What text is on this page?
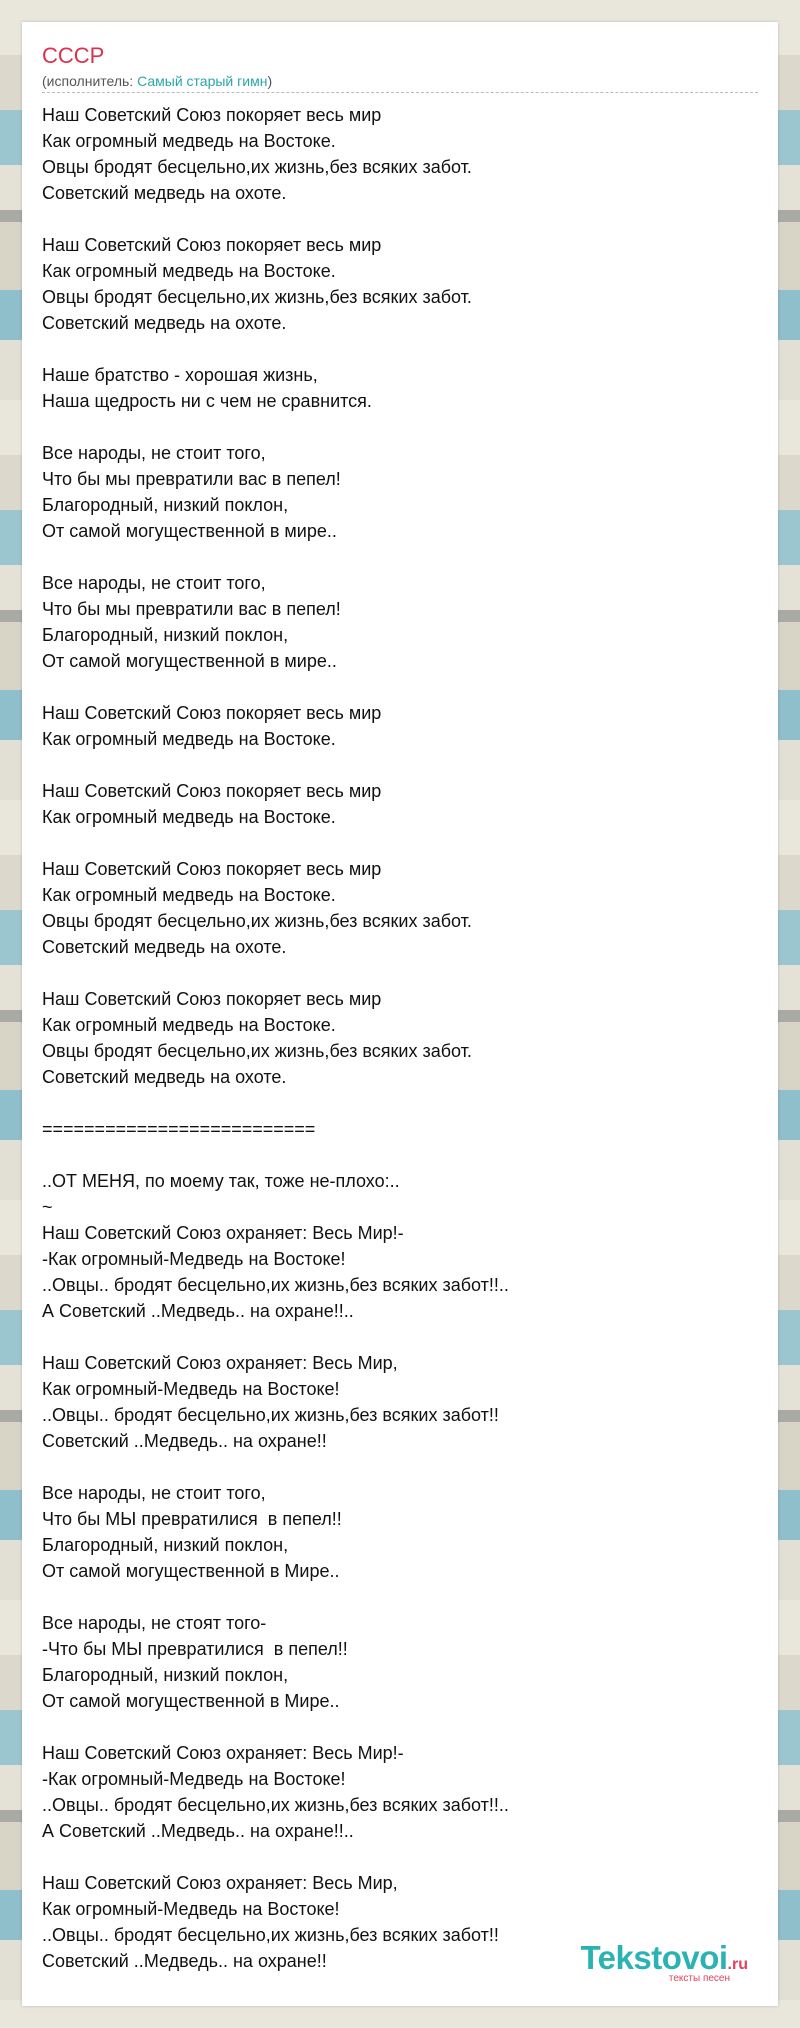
СССР
(исполнитель: Самый старый гимн)
Наш Советский Союз покоряет весь мир
Как огромный медведь на Востоке.
Овцы бродят бесцельно,их жизнь,без всяких забот.
Советский медведь на охоте.
Наш Советский Союз покоряет весь мир
Как огромный медведь на Востоке.
Овцы бродят бесцельно,их жизнь,без всяких забот.
Советский медведь на охоте.
Наше братство - хорошая жизнь,
Наша щедрость ни с чем не сравнится.
Все народы, не стоит того,
Что бы мы превратили вас в пепел!
Благородный, низкий поклон,
От самой могущественной в мире..
Все народы, не стоит того,
Что бы мы превратили вас в пепел!
Благородный, низкий поклон,
От самой могущественной в мире..
Наш Советский Союз покоряет весь мир
Как огромный медведь на Востоке.
Наш Советский Союз покоряет весь мир
Как огромный медведь на Востоке.
Наш Советский Союз покоряет весь мир
Как огромный медведь на Востоке.
Овцы бродят бесцельно,их жизнь,без всяких забот.
Советский медведь на охоте.
Наш Советский Союз покоряет весь мир
Как огромный медведь на Востоке.
Овцы бродят бесцельно,их жизнь,без всяких забот.
Советский медведь на охоте.
==========================
..ОТ МЕНЯ, по моему так, тоже не-плохо:..
~
Наш Советский Союз охраняет: Весь Мир!-
-Как огромный-Медведь на Востоке!
..Овцы.. бродят бесцельно,их жизнь,без всяких забот!!..
А Советский ..Медведь.. на охране!!..
Наш Советский Союз охраняет: Весь Мир,
Как огромный-Медведь на Востоке!
..Овцы.. бродят бесцельно,их жизнь,без всяких забот!!
Советский ..Медведь.. на охране!!
Все народы, не стоит того,
Что бы МЫ превратилися  в пепел!!
Благородный, низкий поклон,
От самой могущественной в Мире..
Все народы, не стоят того-
-Что бы МЫ превратилися  в пепел!!
Благородный, низкий поклон,
От самой могущественной в Мире..
Наш Советский Союз охраняет: Весь Мир!-
-Как огромный-Медведь на Востоке!
..Овцы.. бродят бесцельно,их жизнь,без всяких забот!!..
А Советский ..Медведь.. на охране!!..
Наш Советский Союз охраняет: Весь Мир,
Как огромный-Медведь на Востоке!
..Овцы.. бродят бесцельно,их жизнь,без всяких забот!!
Советский ..Медведь.. на охране!!	Tekstovoi.ru
тексты песен
